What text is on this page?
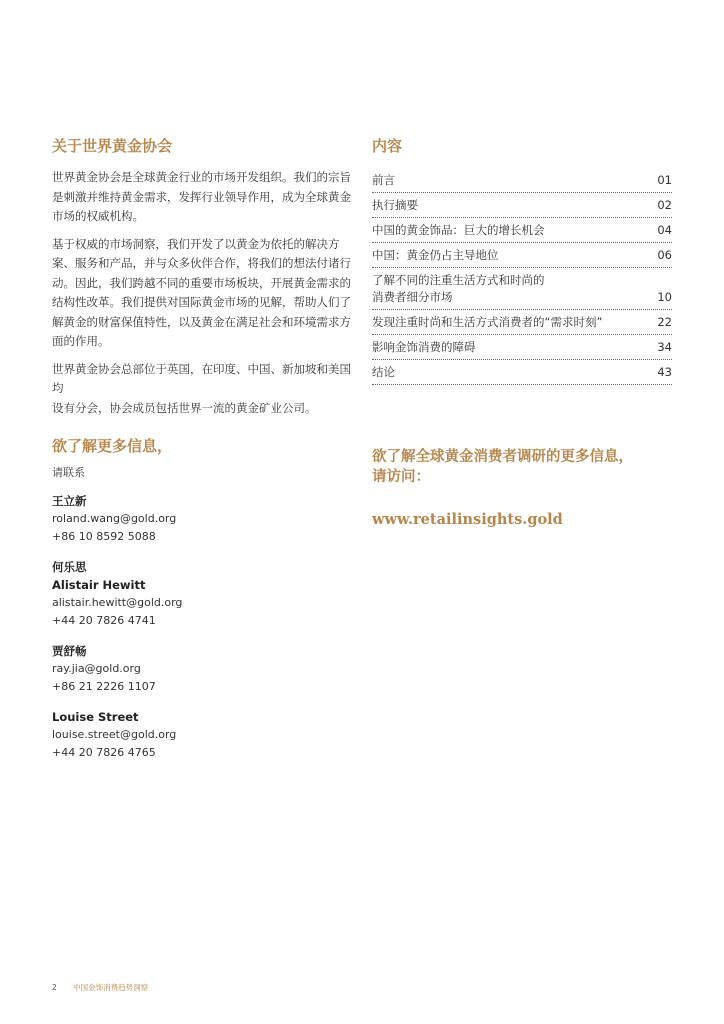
关于世界黄金协会

世界黄金协会是全球黄金行业的市场开发组织。我们的宗旨
是刺激并维持黄金需求，发挥行业领导作用，成为全球黄金
市场的权威机构。

基于权威的市场洞察，我们开发了以黄金为依托的解决方
案、服务和产品，并与众多伙伴合作，将我们的想法付诸行
动。因此，我们跨越不同的重要市场板块，开展黄金需求的
结构性改革。我们提供对国际黄金市场的见解，帮助人们了
解黄金的财富保值特性，以及黄金在满足社会和环境需求方
面的作用。

世界黄金协会总部位于英国，在印度、中国、新加坡和美国均
设有分会，协会成员包括世界一流的黄金矿业公司。

欲了解更多信息，

请联系

王立新
roland.wang@gold.org
+86 10 8592 5088
何乐思
Alistair Hewitt
alistair.hewitt@gold.org
+44 20 7826 4741
贾舒畅
ray.jia@gold.org
+86 21 2226 1107
Louise Street
louise.street@gold.org
+44 20 7826 4765
内容
前言	01
执行摘要	02
中国的黄金饰品：巨大的增长机会	04
中国：黄金仍占主导地位	06
了解不同的注重生活方式和时尚的
消费者细分市场	10
发现注重时尚和生活方式消费者的“需求时刻”	22
影响金饰消费的障碍	34
结论	43

欲了解全球黄金消费者调研的更多信息，
请访问：

www.retailinsights.gold
2 中国金饰消费趋势洞察
